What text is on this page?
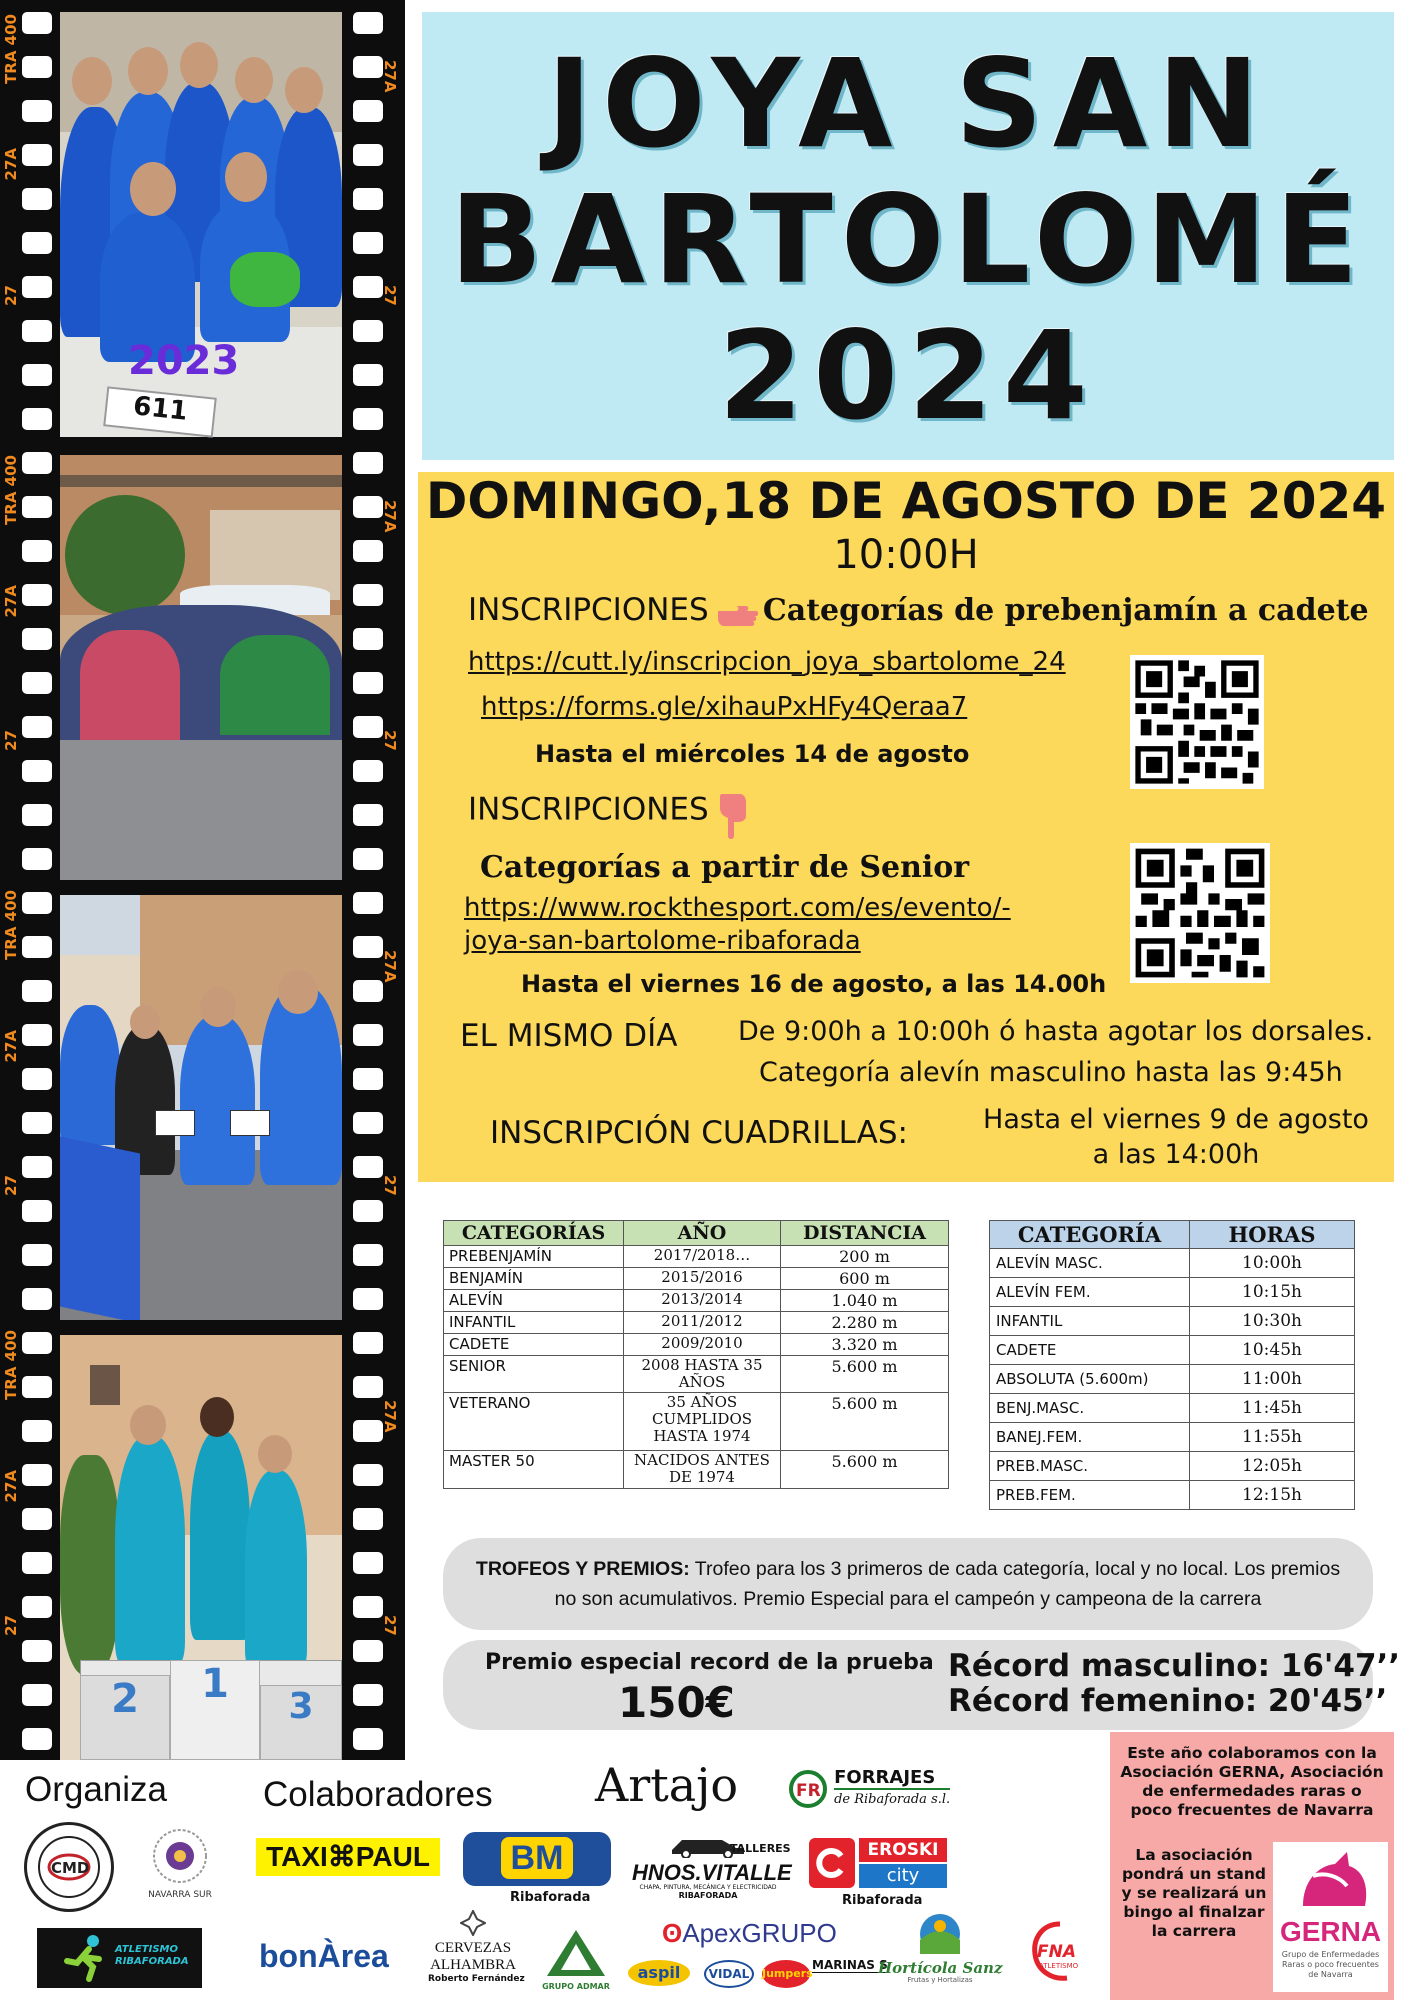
TRA 400
27A
27
TRA 400
27A
27
TRA 400
27A
27
TRA 400
27A
27
27A
27
27A
27
27A
27
27A
27
2023
611
2	1	3
JOYA SAN
BARTOLOMÉ
2024
DOMINGO,18 DE AGOSTO DE 2024
10:00H
INSCRIPCIONES Categorías de prebenjamín a cadete
https://cutt.ly/inscripcion_joya_sbartolome_24
https://forms.gle/xihauPxHFy4Qeraa7
Hasta el miércoles 14 de agosto
INSCRIPCIONES
Categorías a partir de Senior
https://www.rockthesport.com/es/evento/-
joya-san-bartolome-ribaforada
Hasta el viernes 16 de agosto, a las 14.00h
EL MISMO DÍA De 9:00h a 10:00h ó hasta agotar los dorsales.
Categoría alevín masculino hasta las 9:45h
INSCRIPCIÓN CUADRILLAS:	Hasta el viernes 9 de agosto
a las 14:00h
CATEGORÍAS	AÑO	DISTANCIA
PREBENJAMÍN	2017/2018…	200 m
BENJAMÍN	2015/2016	600 m
ALEVÍN	2013/2014	1.040 m
INFANTIL	2011/2012	2.280 m
CADETE	2009/2010	3.320 m
SENIOR	2008 HASTA 35 AÑOS	5.600 m
VETERANO	35 AÑOS CUMPLIDOS HASTA 1974	5.600 m
MASTER 50	NACIDOS ANTES DE 1974	5.600 m
CATEGORÍA	HORAS
ALEVÍN MASC.	10:00h
ALEVÍN FEM.	10:15h
INFANTIL	10:30h
CADETE	10:45h
ABSOLUTA (5.600m)	11:00h
BENJ.MASC.	11:45h
BANEJ.FEM.	11:55h
PREB.MASC.	12:05h
PREB.FEM.	12:15h
TROFEOS Y PREMIOS: Trofeo para los 3 primeros de cada categoría, local y no local. Los premios no son acumulativos. Premio Especial para el campeón y campeona de la carrera
Premio especial record de la prueba
150€
Récord masculino: 16'47’’
Récord femenino: 20'45’’
Organiza	Colaboradores Artajo	FR

FORRAJES
de Ribaforada s.l.
CMD
NAVARRA SUR
TAXI⌘PAUL	BM
Ribaforada
TALLERES
HNOS.VITALLE
CHAPA, PINTURA, MECÁNICA Y ELECTRICIDAD
RIBAFORADA
EROSKI
city
Ribaforada
ATLETISMO RIBAFORADA bonÀrea	CERVEZAS
ALHAMBRA
Roberto Fernández
GRUPO ADMAR
ʘApexGRUPO
aspil	VIDAL	Jumpers
MARINAS S
Hortícola Sanz
Frutas y Hortalizas
FNA
ATLETISMO
Este año colaboramos con la Asociación GERNA, Asociación de enfermedades raras o poco frecuentes de Navarra
La asociación pondrá un stand y se realizará un bingo al finalzar la carrera	GERNA
Grupo de Enfermedades Raras o poco frecuentes de Navarra
